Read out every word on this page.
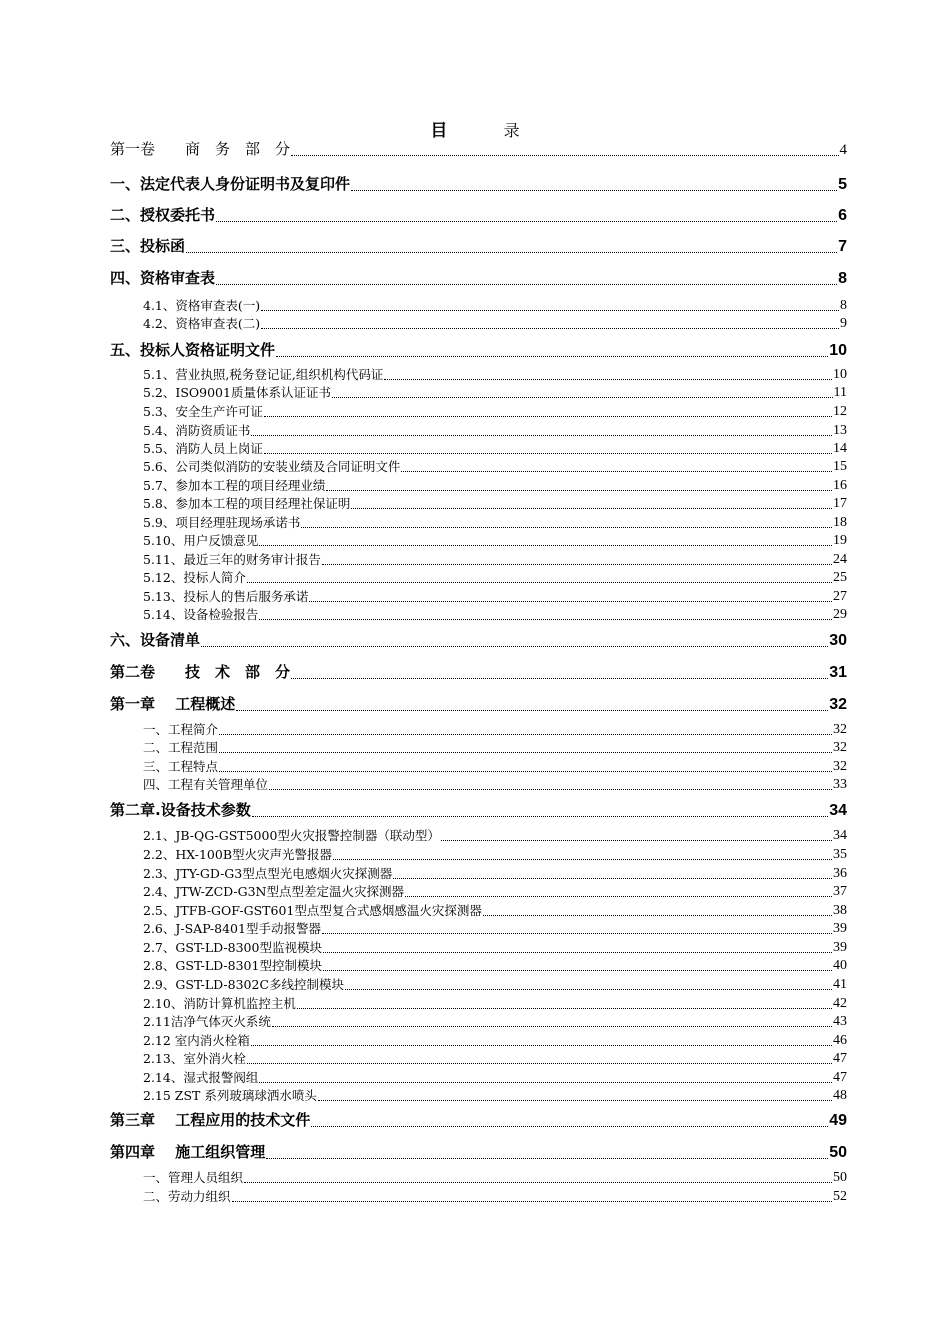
目	录
第一卷　　商　务　部　分	4
一、法定代表人身份证明书及复印件	5
二、授权委托书	6
三、投标函	7
四、资格审查表	8
4.1、资格审查表(一)	8
4.2、资格审查表(二)	9
五、投标人资格证明文件	10
5.1、营业执照,税务登记证,组织机构代码证	10
5.2、ISO9001质量体系认证证书	11
5.3、安全生产许可证	12
5.4、消防资质证书	13
5.5、消防人员上岗证	14
5.6、公司类似消防的安装业绩及合同证明文件	15
5.7、参加本工程的项目经理业绩	16
5.8、参加本工程的项目经理社保证明	17
5.9、项目经理驻现场承诺书	18
5.10、用户反馈意见	19
5.11、最近三年的财务审计报告	24
5.12、投标人简介	25
5.13、投标人的售后服务承诺	27
5.14、设备检验报告	29
六、设备清单	30
第二卷　　技　术　部　分	31
第一章　 工程概述	32
一、工程简介	32
二、工程范围	32
三、工程特点	32
四、工程有关管理单位	33
第二章.设备技术参数	34
2.1、JB-QG-GST5000型火灾报警控制器（联动型）	34
2.2、HX-100B型火灾声光警报器	35
2.3、JTY-GD-G3型点型光电感烟火灾探测器	36
2.4、JTW-ZCD-G3N型点型差定温火灾探测器	37
2.5、JTFB-GOF-GST601型点型复合式感烟感温火灾探测器	38
2.6、J-SAP-8401型手动报警器	39
2.7、GST-LD-8300型监视模块	39
2.8、GST-LD-8301型控制模块	40
2.9、GST-LD-8302C多线控制模块	41
2.10、消防计算机监控主机	42
2.11洁净气体灭火系统	43
2.12 室内消火栓箱	46
2.13、室外消火栓	47
2.14、湿式报警阀组	47
2.15 ZST 系列玻璃球洒水喷头	48
第三章　 工程应用的技术文件	49
第四章　 施工组织管理	50
一、管理人员组织	50
二、劳动力组织	52
